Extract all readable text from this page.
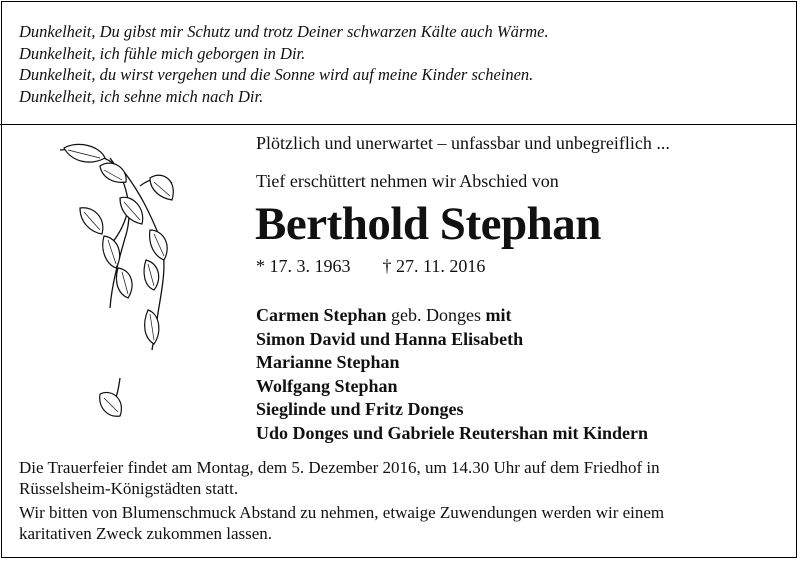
Dunkelheit, Du gibst mir Schutz und trotz Deiner schwarzen Kälte auch Wärme.
Dunkelheit, ich fühle mich geborgen in Dir.
Dunkelheit, du wirst vergehen und die Sonne wird auf meine Kinder scheinen.
Dunkelheit, ich sehne mich nach Dir.
Plötzlich und unerwartet – unfassbar und unbegreiflich ...
Tief erschüttert nehmen wir Abschied von
Berthold Stephan
* 17. 3. 1963 † 27. 11. 2016
Carmen Stephan geb. Donges mit
Simon David und Hanna Elisabeth
Marianne Stephan
Wolfgang Stephan
Sieglinde und Fritz Donges
Udo Donges und Gabriele Reutershan mit Kindern

Die Trauerfeier findet am Montag, dem 5. Dezember 2016, um 14.30 Uhr auf dem Friedhof in
Rüsselsheim-Königstädten statt.

Wir bitten von Blumenschmuck Abstand zu nehmen, etwaige Zuwendungen werden wir einem
karitativen Zweck zukommen lassen.
